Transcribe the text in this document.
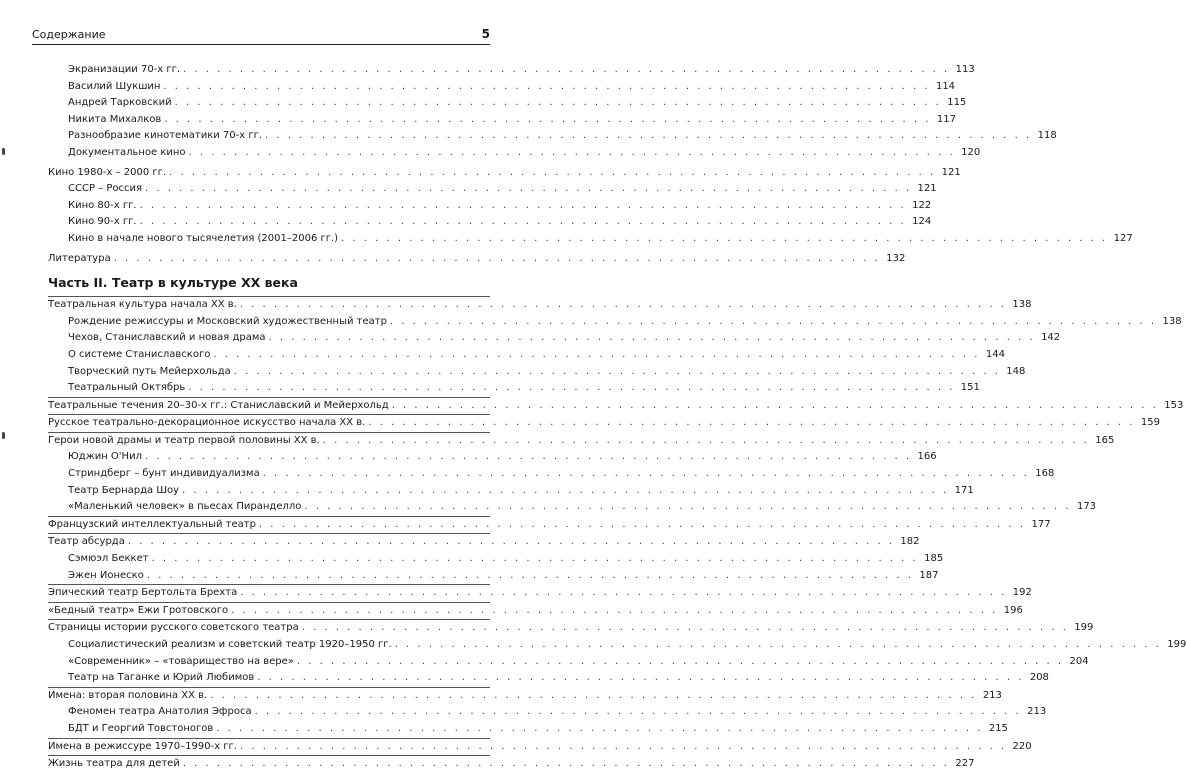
Содержание	5
Экранизации 70-х гг. . . .	113
Василий Шукшин . . .	114
Андрей Тарковский . . .	115
Никита Михалков . . .	117
Разнообразие кинотематики 70-х гг. . . .	118
Документальное кино . . .	120
Кино 1980-х – 2000 гг. . . .	121
СССР – Россия . . .	121
Кино 80-х гг. . . .	122
Кино 90-х гг. . . .	124
Кино в начале нового тысячелетия (2001–2006 гг.) . . .	127
Литература . . .	132
Часть II. Театр в культуре XX века
Театральная культура начала XX в. . . .	138
Рождение режиссуры и Московский художественный театр . . .	138
Чехов, Станиславский и новая драма . . .	142
О системе Станиславского . . .	144
Творческий путь Мейерхольда . . .	148
Театральный Октябрь . . .	151
Театральные течения 20–30-х гг.: Станиславский и Мейерхольд . . .	153
Русское театрально-декорационное искусство начала XX в. . . .	159
Герои новой драмы и театр первой половины XX в. . . .	165
Юджин О'Нил . . .	166
Стриндберг – бунт индивидуализма . . .	168
Театр Бернарда Шоу . . .	171
«Маленький человек» в пьесах Пиранделло . . .	173
Французский интеллектуальный театр . . .	177
Театр абсурда . . .	182
Сэмюэл Беккет . . .	185
Эжен Ионеско . . .	187
Эпический театр Бертольта Брехта . . .	192
«Бедный театр» Ежи Гротовского . . .	196
Страницы истории русского советского театра . . .	199
Социалистический реализм и советский театр 1920–1950 гг. . . .	199
«Современник» – «товарищество на вере» . . .	204
Театр на Таганке и Юрий Любимов . . .	208
Имена: вторая половина XX в. . . .	213
Феномен театра Анатолия Эфроса . . .	213
БДТ и Георгий Товстоногов . . .	215
Имена в режиссуре 1970–1990-х гг. . . .	220
Жизнь театра для детей . . .	227
